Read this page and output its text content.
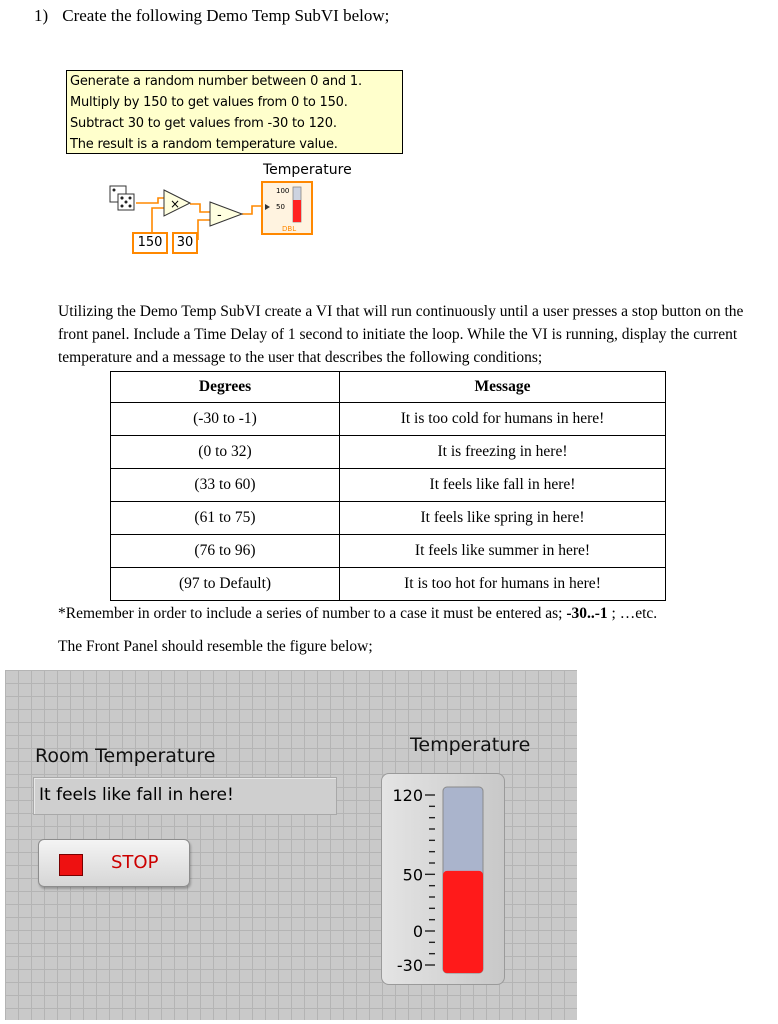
1) Create the following Demo Temp SubVI below;
Generate a random number between 0 and 1.
Multiply by 150 to get values from 0 to 150.
Subtract 30 to get values from -30 to 120.
The result is a random temperature value.
Temperature
×
-
100
50
DBL
150	30
Utilizing the Demo Temp SubVI create a VI that will run continuously until a user presses a stop button on the front panel. Include a Time Delay of 1 second to initiate the loop. While the VI is running, display the current temperature and a message to the user that describes the following conditions;
Degrees	Message
(-30 to -1)	It is too cold for humans in here!
(0 to 32)	It is freezing in here!
(33 to 60)	It feels like fall in here!
(61 to 75)	It feels like spring in here!
(76 to 96)	It feels like summer in here!
(97 to Default)	It is too hot for humans in here!
*Remember in order to include a series of number to a case it must be entered as; -30..-1 ; …etc.
The Front Panel should resemble the figure below;
Room Temperature
It feels like fall in here!
STOP
Temperature
120
50
0
-30
